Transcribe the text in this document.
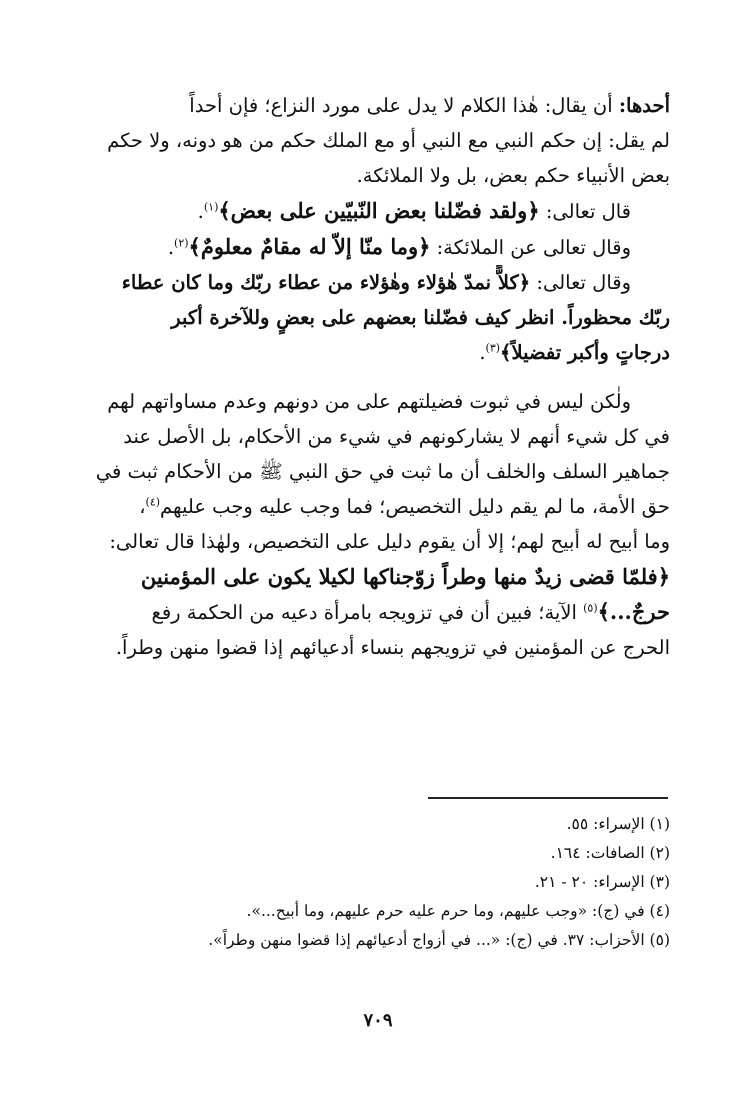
أحدها: أن يقال: هٰذا الكلام لا يدل على مورد النزاع؛ فإن أحداً
لم يقل: إن حكم النبي مع النبي أو مع الملك حكم من هو دونه، ولا حكم
بعض الأنبياء حكم بعض، بل ولا الملائكة.

  قال تعالى: ﴿ولقد فضّلنا بعض النّبيّين على بعض﴾$^{(١)}$.

  وقال تعالى عن الملائكة: ﴿وما منّا إلاّ له مقامٌ معلومٌ﴾$^{(٢)}$.

  وقال تعالى: ﴿كلاًّ نمدّ هٰؤلاء وهٰؤلاء من عطاء ربّك وما كان عطاء
ربّك محظوراً. انظر كيف فضّلنا بعضهم على بعضٍ وللآخرة أكبر
درجاتٍ وأكبر تفضيلاً﴾$^{(٣)}$.

  ولٰكن ليس في ثبوت فضيلتهم على من دونهم وعدم مساواتهم لهم
في كل شيء أنهم لا يشاركونهم في شيء من الأحكام، بل الأصل عند
جماهير السلف والخلف أن ما ثبت في حق النبي ﷺ من الأحكام ثبت في
حق الأمة، ما لم يقم دليل التخصيص؛ فما وجب عليه وجب عليهم$^{(٤)}$،
وما أبيح له أبيح لهم؛ إلا أن يقوم دليل على التخصيص، ولهٰذا قال تعالى:
﴿فلمّا قضى زيدٌ منها وطراً زوّجناكها لكيلا يكون على المؤمنين
حرجٌ...﴾$^{(٥)}$ الآية؛ فبين أن في تزويجه بامرأة دعيه من الحكمة رفع
الحرج عن المؤمنين في تزويجهم بنساء أدعيائهم إذا قضوا منهن وطراً.

(١) الإسراء: ٥٥.
(٢) الصافات: ١٦٤.
(٣) الإسراء: ٢٠ - ٢١.
(٤) في (ج): «وجب عليهم، وما حرم عليه حرم عليهم، وما أبيح...».
(٥) الأحزاب: ٣٧. في (ج): «... في أزواج أدعيائهم إذا قضوا منهن وطراً».
٧٠٩
